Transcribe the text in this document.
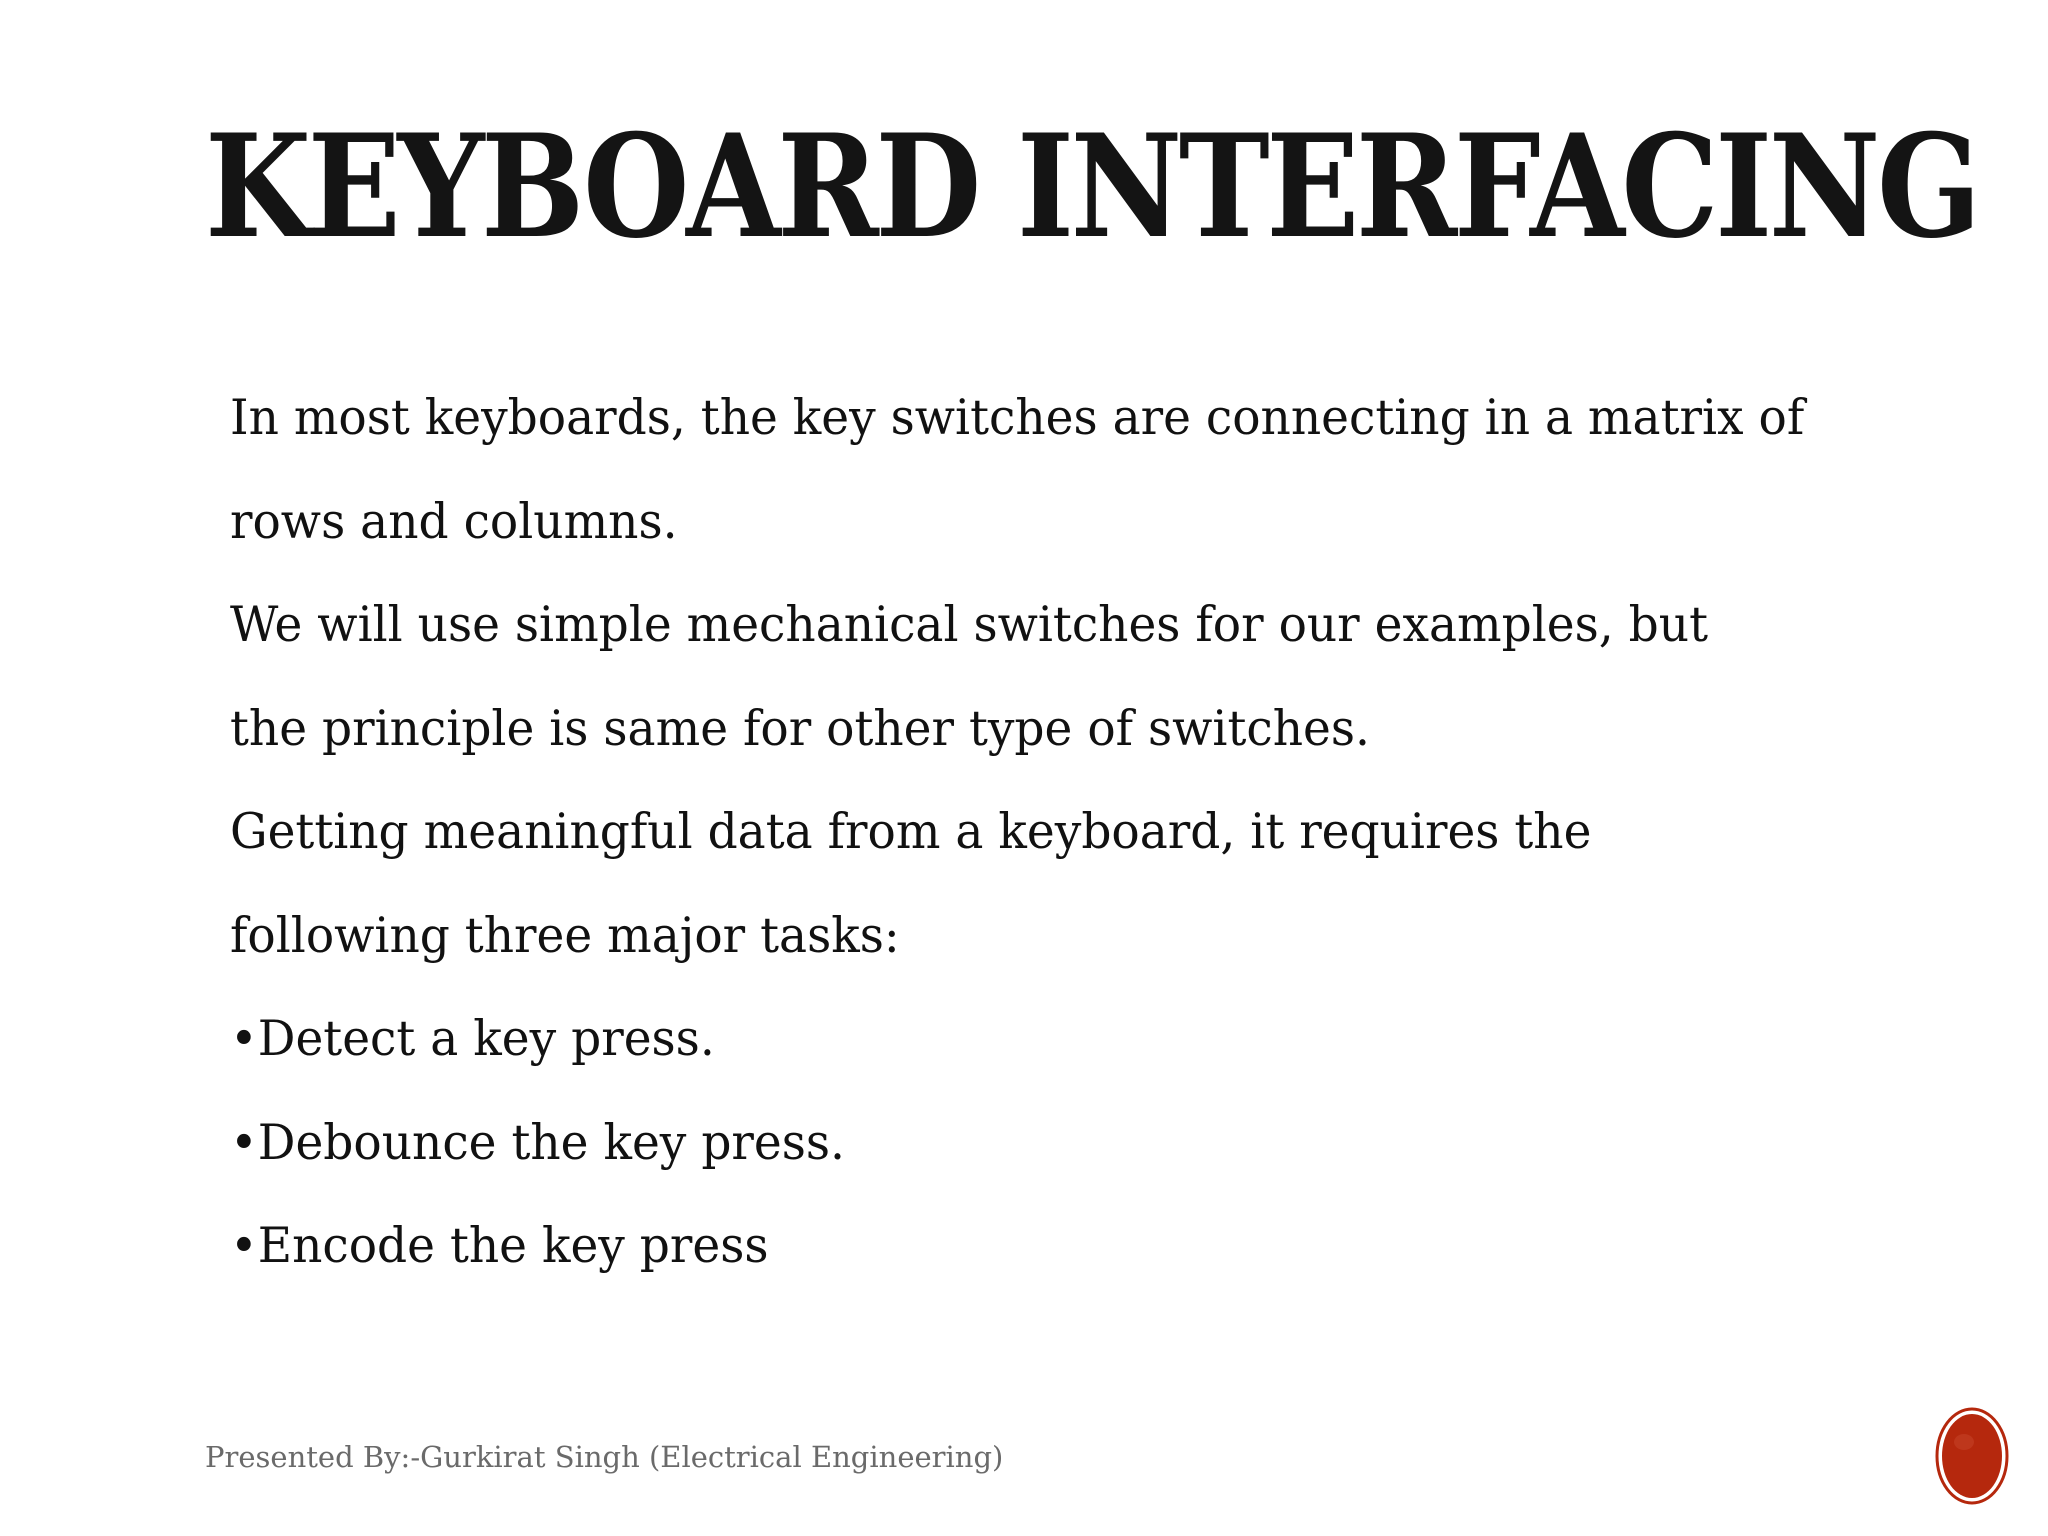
KEYBOARD INTERFACING
In most keyboards, the key switches are connecting in a matrix of
rows and columns.
We will use simple mechanical switches for our examples, but
the principle is same for other type of switches.
Getting meaningful data from a keyboard, it requires the
following three major tasks:
•Detect a key press.
•Debounce the key press.
•Encode the key press
Presented By:-Gurkirat Singh (Electrical Engineering)
